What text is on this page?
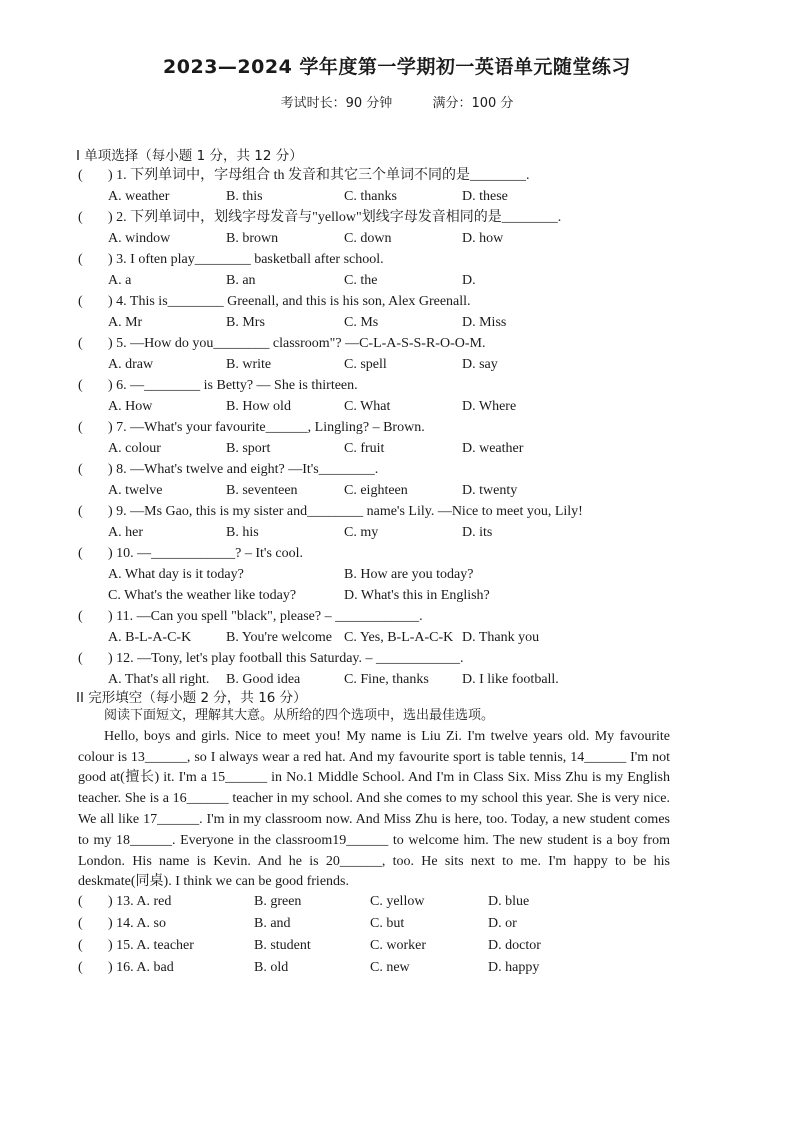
2023—2024 学年度第一学期初一英语单元随堂练习
考试时长：90 分钟	满分：100 分
I 单项选择（每小题 1 分，共 12 分）
( ) 1. 下列单词中，字母组合 th 发音和其它三个单词不同的是________.
A. weather	B. this	C. thanks	D. these
( ) 2. 下列单词中，划线字母发音与"yellow"划线字母发音相同的是________.
A. window	B. brown	C. down	D. how
( ) 3. I often play________ basketball after school.
A. a	B. an	C. the	D.
( ) 4. This is________ Greenall, and this is his son, Alex Greenall.
A. Mr	B. Mrs	C. Ms	D. Miss
( ) 5. —How do you________ classroom"? —C-L-A-S-S-R-O-O-M.
A. draw	B. write	C. spell	D. say
( ) 6. —________ is Betty? — She is thirteen.
A. How	B. How old	C. What	D. Where
( ) 7. —What's your favourite______, Lingling? – Brown.
A. colour	B. sport	C. fruit	D. weather
( ) 8. —What's twelve and eight? —It's________.
A. twelve	B. seventeen	C. eighteen	D. twenty
( ) 9. —Ms Gao, this is my sister and________ name's Lily. —Nice to meet you, Lily!
A. her	B. his	C. my	D. its
( ) 10. —____________? – It's cool.
A. What day is it today?	B. How are you today?
C. What's the weather like today?	D. What's this in English?
( ) 11. —Can you spell "black", please? – ____________.
A. B-L-A-C-K B. You're welcome C. Yes, B-L-A-C-K D. Thank you
( ) 12. —Tony, let's play football this Saturday. – ____________.
A. That's all right. B. Good idea	C. Fine, thanks D. I like football.
II 完形填空（每小题 2 分，共 16 分）
阅读下面短文，理解其大意。从所给的四个选项中，选出最佳选项。

Hello, boys and girls. Nice to meet you! My name is Liu Zi. I'm twelve years old. My favourite colour is 13______, so I always wear a red hat. And my favourite sport is table tennis, 14______ I'm not good at(擅长) it. I'm a 15______ in No.1 Middle School. And I'm in Class Six. Miss Zhu is my English teacher. She is a 16______ teacher in my school. And she comes to my school this year. She is very nice. We all like 17______. I'm in my classroom now. And Miss Zhu is here, too. Today, a new student comes to my 18______. Everyone in the classroom19______ to welcome him. The new student is a boy from London. His name is Kevin. And he is 20______, too. He sits next to me. I'm happy to be his deskmate(同桌). I think we can be good friends.

( ) 13. A. red	B. green	C. yellow	D. blue
( ) 14. A. so	B. and	C. but	D. or
( ) 15. A. teacher	B. student	C. worker	D. doctor
( ) 16. A. bad	B. old	C. new	D. happy
